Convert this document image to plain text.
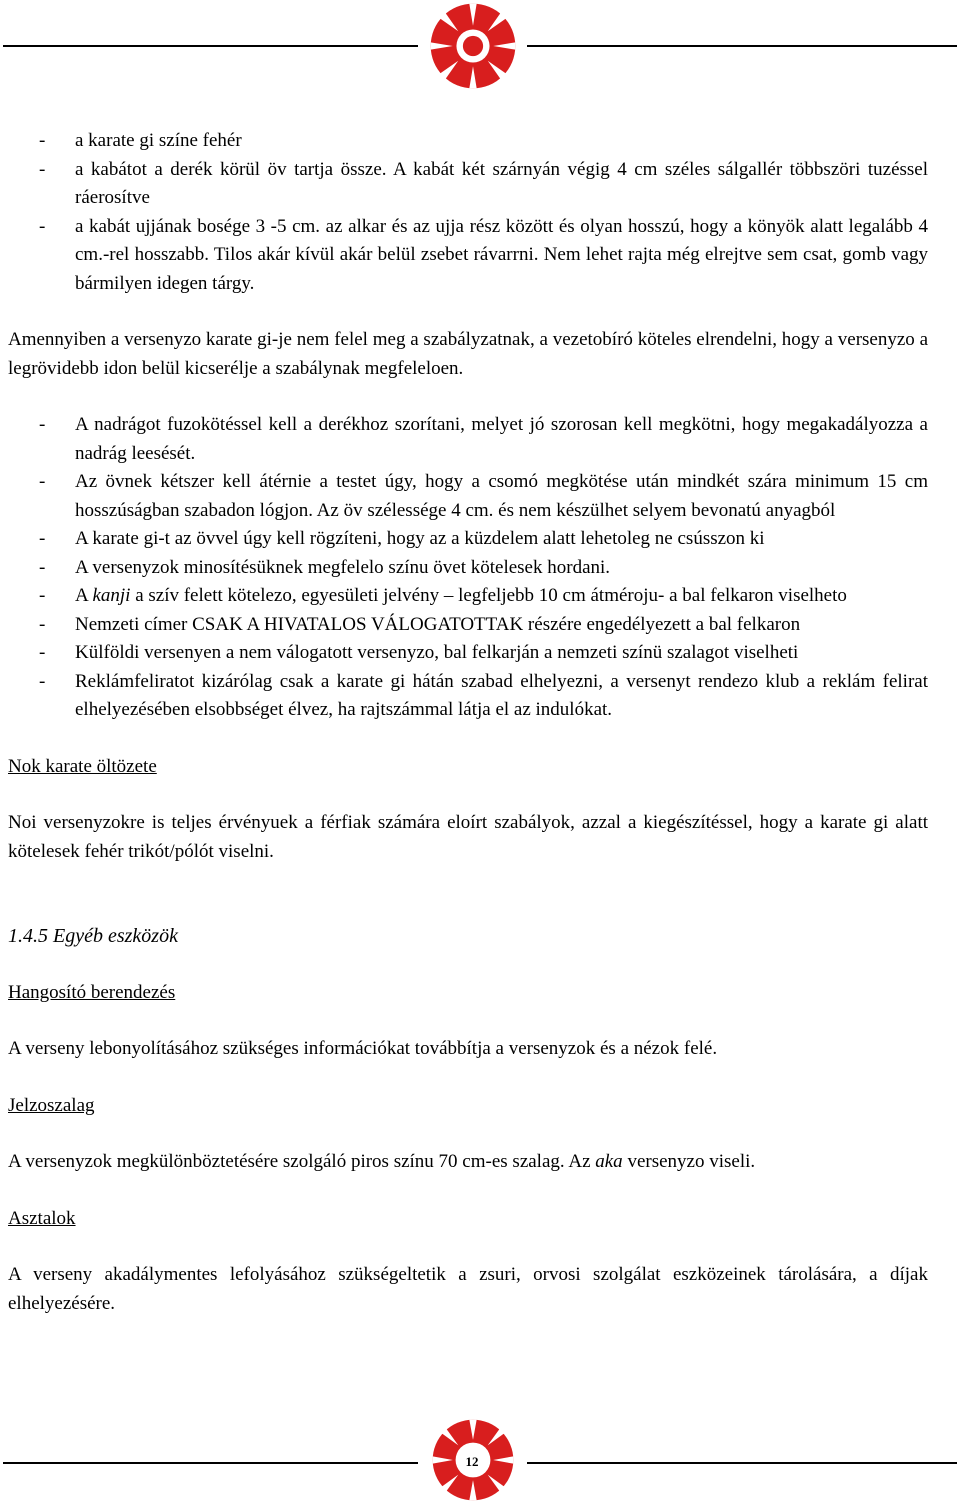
- a karate gi színe fehér
- a kabátot a derék körül öv tartja össze. A kabát két szárnyán végig 4 cm széles sálgallér többszöri tuzéssel ráerosítve
- a kabát ujjának bosége 3 -5 cm. az alkar és az ujja rész között és olyan hosszú, hogy a könyök alatt legalább 4 cm.-rel hosszabb. Tilos akár kívül akár belül zsebet rávarrni. Nem lehet rajta még elrejtve sem csat, gomb vagy bármilyen idegen tárgy.

Amennyiben a versenyzo karate gi-je nem felel meg a szabályzatnak, a vezetobíró köteles elrendelni, hogy a versenyzo a legrövidebb idon belül kicserélje a szabálynak megfeleloen.

- A nadrágot fuzokötéssel kell a derékhoz szorítani, melyet jó szorosan kell megkötni, hogy megakadályozza a nadrág leesését.
- Az övnek kétszer kell átérnie a testet úgy, hogy a csomó megkötése után mindkét szára minimum 15 cm hosszúságban szabadon lógjon. Az öv szélessége 4 cm. és nem készülhet selyem bevonatú anyagból
- A karate gi-t az övvel úgy kell rögzíteni, hogy az a küzdelem alatt lehetoleg ne csússzon ki
- A versenyzok minosítésüknek megfelelo színu övet kötelesek hordani.
- A kanji a szív felett kötelezo, egyesületi jelvény – legfeljebb 10 cm átméroju- a bal felkaron viselheto
- Nemzeti címer CSAK A HIVATALOS VÁLOGATOTTAK részére engedélyezett a bal felkaron
- Külföldi versenyen a nem válogatott versenyzo, bal felkarján a nemzeti színü szalagot viselheti
- Reklámfeliratot kizárólag csak a karate gi hátán szabad elhelyezni, a versenyt rendezo klub a reklám felirat elhelyezésében elsobbséget élvez, ha rajtszámmal látja el az indulókat.

Nok karate öltözete

Noi versenyzokre is teljes érvényuek a férfiak számára eloírt szabályok, azzal a kiegészítéssel, hogy a karate gi alatt kötelesek fehér trikót/pólót viselni.

1.4.5 Egyéb eszközök

Hangosító berendezés

A verseny lebonyolításához szükséges információkat továbbítja a versenyzok és a nézok felé.

Jelzoszalag

A versenyzok megkülönböztetésére szolgáló piros színu 70 cm-es szalag. Az aka versenyzo viseli.

Asztalok

A verseny akadálymentes lefolyásához szükségeltetik a zsuri, orvosi szolgálat eszközeinek tárolására, a díjak elhelyezésére.

12
